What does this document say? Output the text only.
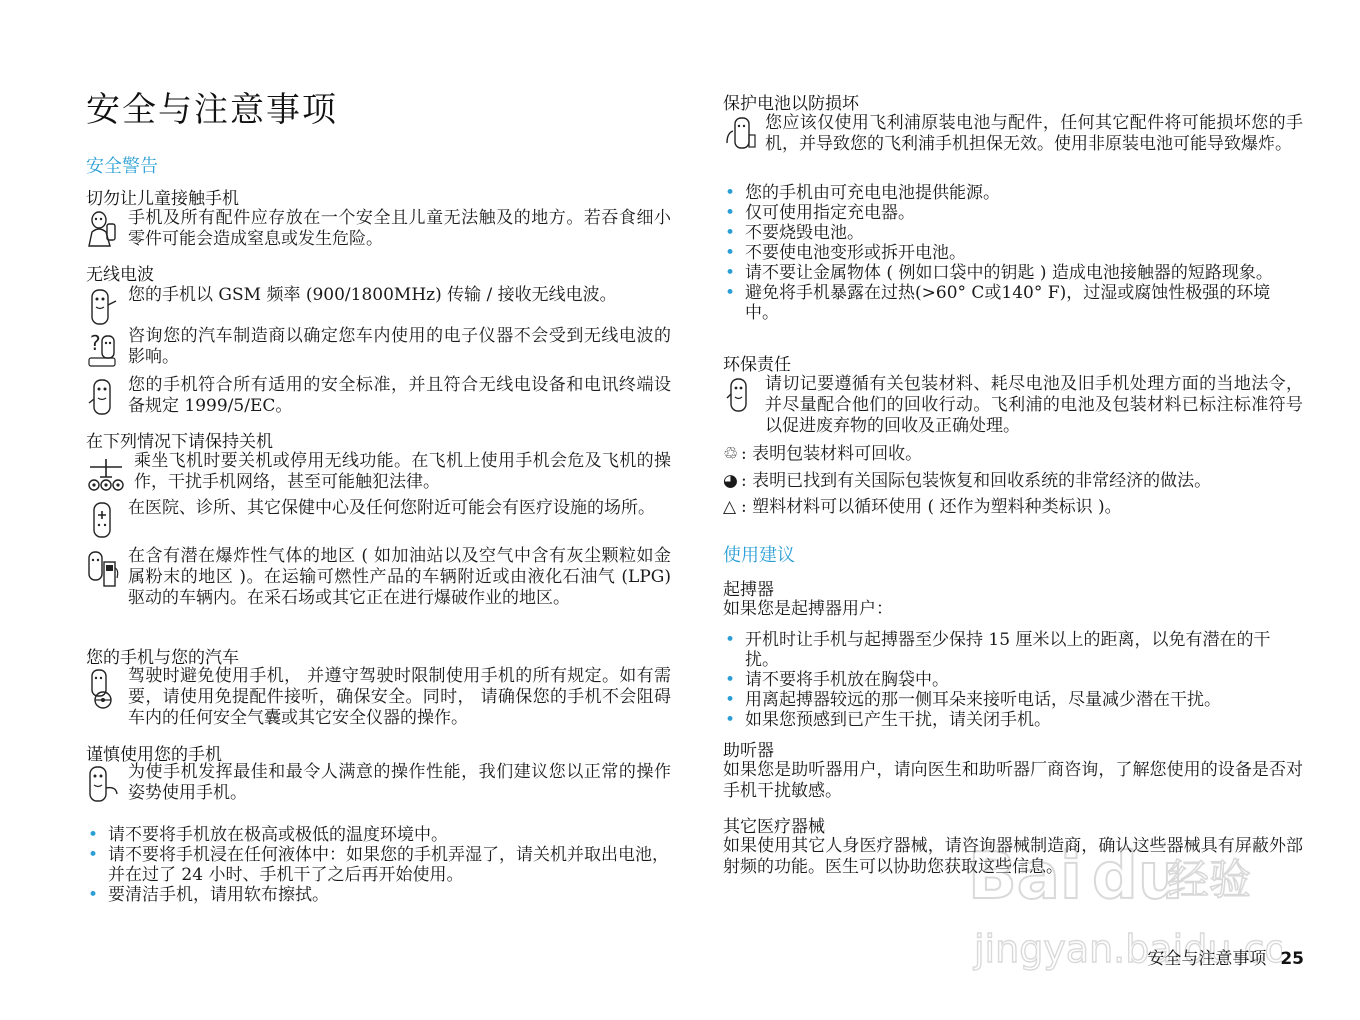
安全与注意事项
安全警告
切勿让儿童接触手机

手机及所有配件应存放在一个安全且儿童无法触及的地方。若吞食细小零件可能会造成窒息或发生危险。

无线电波

您的手机以 GSM 频率 (900/1800MHz) 传输 / 接收无线电波。

?	咨询您的汽车制造商以确定您车内使用的电子仪器不会受到无线电波的影响。

您的手机符合所有适用的安全标准，并且符合无线电设备和电讯终端设备规定 1999/5/EC。

在下列情况下请保持关机

乘坐飞机时要关机或停用无线功能。在飞机上使用手机会危及飞机的操作，干扰手机网络，甚至可能触犯法律。

在医院、诊所、其它保健中心及任何您附近可能会有医疗设施的场所。

在含有潜在爆炸性气体的地区 ( 如加油站以及空气中含有灰尘颗粒如金属粉末的地区 )。在运输可燃性产品的车辆附近或由液化石油气 (LPG) 驱动的车辆内。在采石场或其它正在进行爆破作业的地区。

您的手机与您的汽车

驾驶时避免使用手机， 并遵守驾驶时限制使用手机的所有规定。如有需要，请使用免提配件接听，确保安全。同时， 请确保您的手机不会阻碍车内的任何安全气囊或其它安全仪器的操作。

谨慎使用您的手机

为使手机发挥最佳和最令人满意的操作性能，我们建议您以正常的操作姿势使用手机。

• 请不要将手机放在极高或极低的温度环境中。
• 请不要将手机浸在任何液体中：如果您的手机弄湿了，请关机并取出电池，并在过了 24 小时、手机干了之后再开始使用。
• 要清洁手机，请用软布擦拭。
保护电池以防损坏

您应该仅使用飞利浦原装电池与配件，任何其它配件将可能损坏您的手机，并导致您的飞利浦手机担保无效。使用非原装电池可能导致爆炸。

• 您的手机由可充电电池提供能源。
• 仅可使用指定充电器。
• 不要烧毁电池。
• 不要使电池变形或拆开电池。
• 请不要让金属物体 ( 例如口袋中的钥匙 ) 造成电池接触器的短路现象。
• 避免将手机暴露在过热(>60° C或140° F)，过湿或腐蚀性极强的环境中。
环保责任

请切记要遵循有关包装材料、耗尽电池及旧手机处理方面的当地法令，并尽量配合他们的回收行动。飞利浦的电池及包装材料已标注标准符号以促进废弃物的回收及正确处理。

♲ : 表明包装材料可回收。
◕ : 表明已找到有关国际包装恢复和回收系统的非常经济的做法。
△ : 塑料材料可以循环使用 ( 还作为塑料种类标识 )。
使用建议
起搏器

如果您是起搏器用户：

• 开机时让手机与起搏器至少保持 15 厘米以上的距离，以免有潜在的干扰。
• 请不要将手机放在胸袋中。
• 用离起搏器较远的那一侧耳朵来接听电话，尽量减少潜在干扰。
• 如果您预感到已产生干扰，请关闭手机。
助听器

如果您是助听器用户，请向医生和助听器厂商咨询，了解您使用的设备是否对手机干扰敏感。

其它医疗器械

如果使用其它人身医疗器械，请咨询器械制造商，确认这些器械具有屏蔽外部射频的功能。医生可以协助您获取这些信息。

Bai du
经验
jingyan.baidu.co
安全与注意事项 25
